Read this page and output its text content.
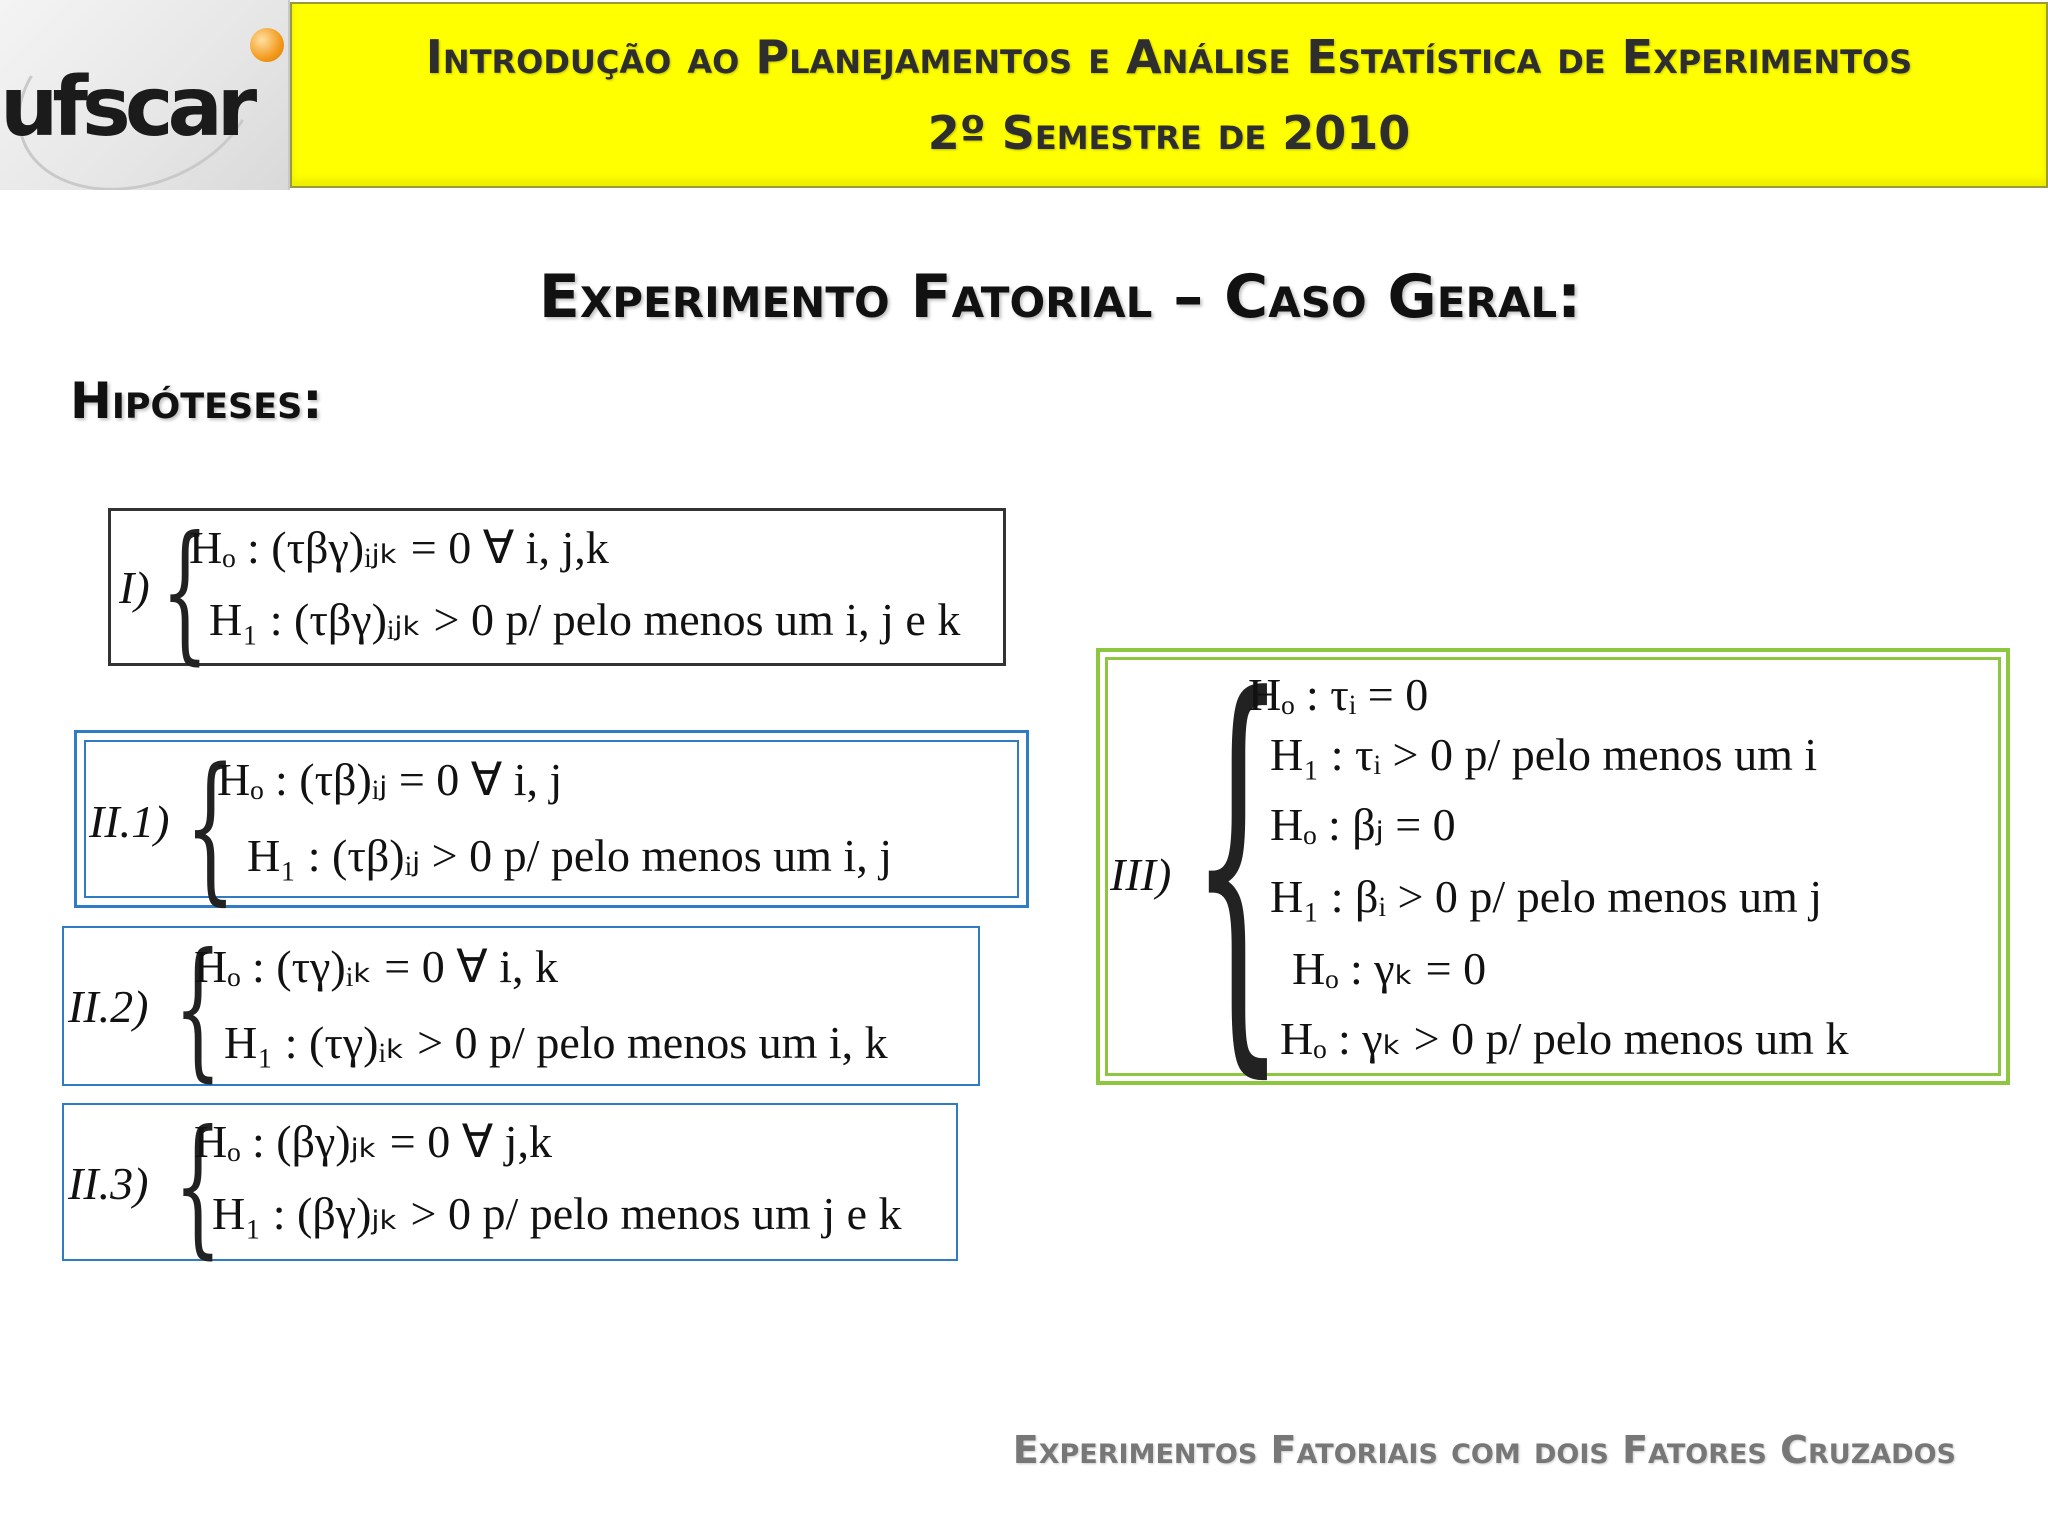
ufscar
Introdução ao Planejamentos e Análise Estatística de Experimentos
2º Semestre de 2010
Experimento Fatorial – Caso Geral:
Hipóteses:
I) {
Hₒ : (τβγ)ᵢⱼₖ = 0 ∀ i, j,k
H₁ : (τβγ)ᵢⱼₖ > 0 p/ pelo menos um i, j e k
II.1) {
Hₒ : (τβ)ᵢⱼ = 0 ∀ i, j
H₁ : (τβ)ᵢⱼ > 0 p/ pelo menos um i, j
II.2) {
Hₒ : (τγ)ᵢₖ = 0 ∀ i, k
H₁ : (τγ)ᵢₖ > 0 p/ pelo menos um i, k
II.3) {
Hₒ : (βγ)ⱼₖ = 0 ∀ j,k
H₁ : (βγ)ⱼₖ > 0 p/ pelo menos um j e k
III) {
Hₒ : τᵢ = 0
H₁ : τᵢ > 0 p/ pelo menos um i
Hₒ : βⱼ = 0
H₁ : βᵢ > 0 p/ pelo menos um j
Hₒ : γₖ = 0
Hₒ : γₖ > 0 p/ pelo menos um k
Experimentos Fatoriais com dois Fatores Cruzados
